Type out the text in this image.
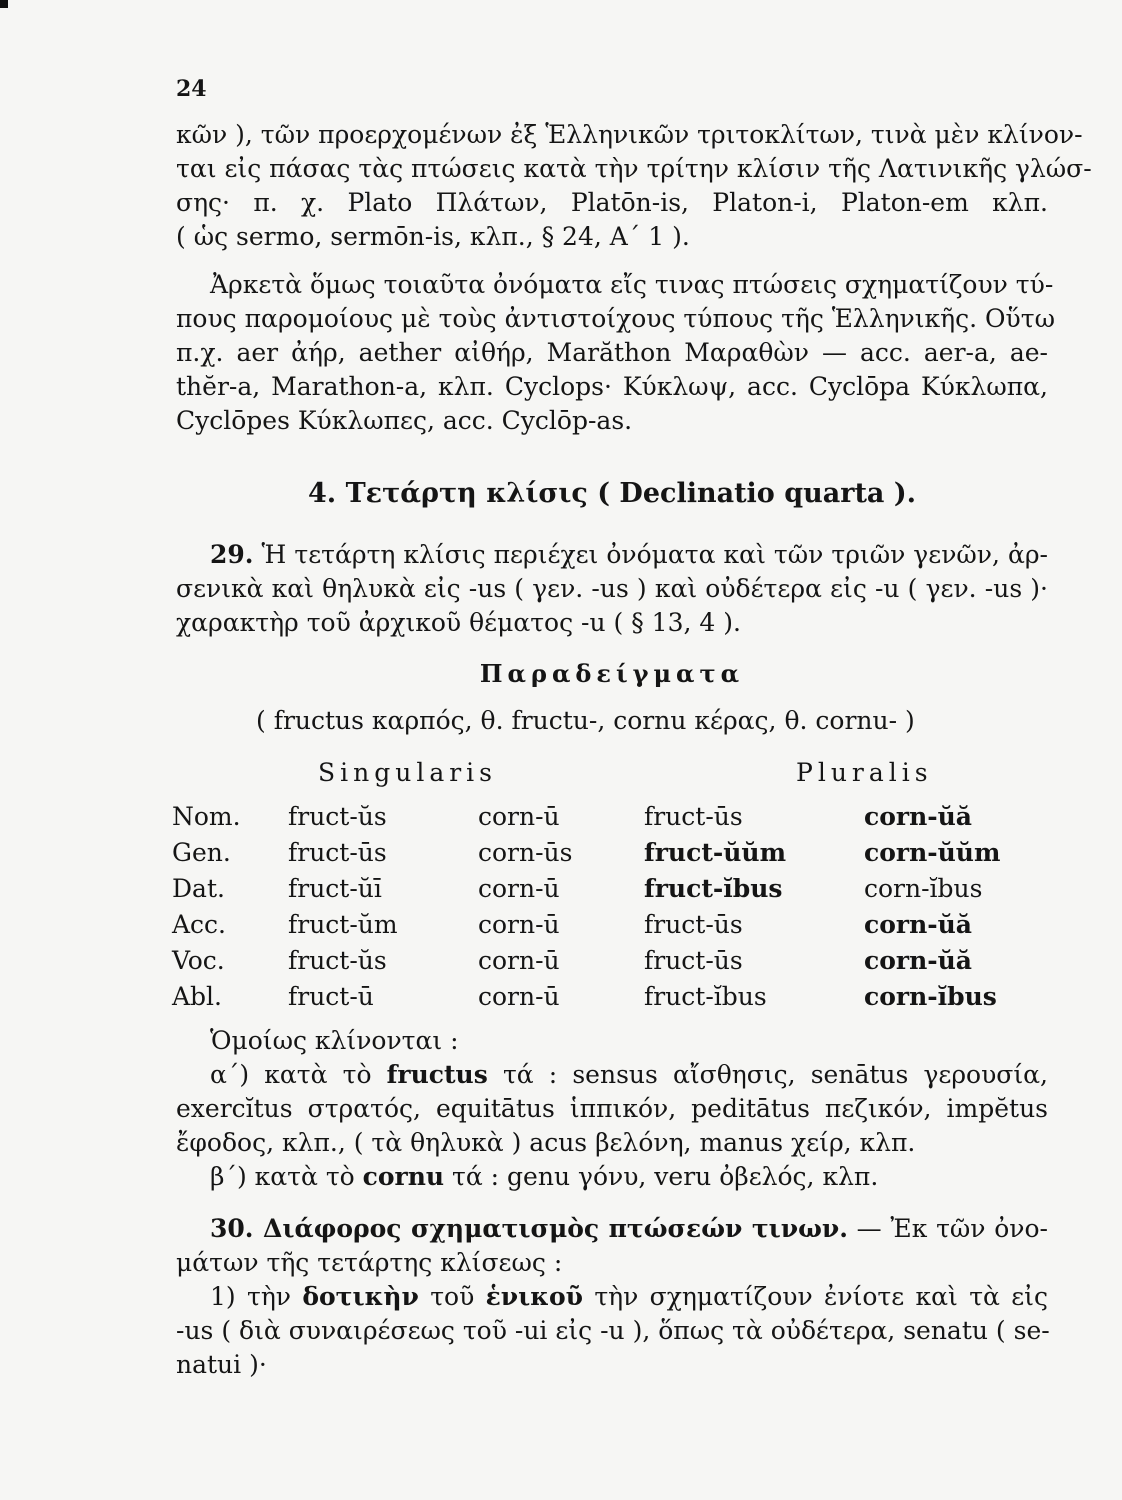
24
κῶν ), τῶν προερχομένων ἐξ Ἑλληνικῶν τριτοκλίτων, τινὰ μὲν κλίνον-
ται εἰς πάσας τὰς πτώσεις κατὰ τὴν τρίτην κλίσιν τῆς Λατινικῆς γλώσ-
σης· π. χ. Plato Πλάτων, Platōn-is, Platon-i, Platon-em κλπ.
( ὡς sermo, sermōn-is, κλπ., § 24, Α΄ 1 ).
Ἀρκετὰ ὅμως τοιαῦτα ὀνόματα εἴς τινας πτώσεις σχηματίζουν τύ-
πους παρομοίους μὲ τοὺς ἀντιστοίχους τύπους τῆς Ἑλληνικῆς. Οὕτω
π.χ. aer ἀήρ, aether αἰθήρ, Marăthon Μαραθὼν — acc. aer-a, ae-
thĕr-a, Marathon-a, κλπ. Cyclops· Κύκλωψ, acc. Cyclōpa Κύκλωπα,
Cyclōpes Κύκλωπες, acc. Cyclōp-as.
4. Τετάρτη κλίσις ( Declinatio quarta ).
29. Ἡ τετάρτη κλίσις περιέχει ὀνόματα καὶ τῶν τριῶν γενῶν, ἀρ-
σενικὰ καὶ θηλυκὰ εἰς -us ( γεν. -us ) καὶ οὐδέτερα εἰς -u ( γεν. -us )·
χαρακτὴρ τοῦ ἀρχικοῦ θέματος -u ( § 13, 4 ).
Παραδείγματα
( fructus καρπός, θ. fructu-, cornu κέρας, θ. cornu- )
Singularis	Pluralis
Nom.	fruct-ŭs	corn-ū	fruct-ūs	corn-ŭă
Gen.	fruct-ūs	corn-ūs	fruct-ŭŭm	corn-ŭŭm
Dat.	fruct-ŭī	corn-ū	fruct-ĭbus	corn-ĭbus
Acc.	fruct-ŭm	corn-ū	fruct-ūs	corn-ŭă
Voc.	fruct-ŭs	corn-ū	fruct-ūs	corn-ŭă
Abl.	fruct-ū	corn-ū	fruct-ĭbus	corn-ĭbus
Ὁμοίως κλίνονται :
α΄) κατὰ τὸ fructus τά : sensus αἴσθησις, senātus γερουσία,
exercĭtus στρατός, equitātus ἱππικόν, peditātus πεζικόν, impĕtus
ἔφοδος, κλπ., ( τὰ θηλυκὰ ) acus βελόνη, manus χείρ, κλπ.
β΄) κατὰ τὸ cornu τά : genu γόνυ, veru ὀβελός, κλπ.
30. Διάφορος σχηματισμὸς πτώσεών τινων. — Ἐκ τῶν ὀνο-
μάτων τῆς τετάρτης κλίσεως :
1) τὴν δοτικὴν τοῦ ἑνικοῦ τὴν σχηματίζουν ἐνίοτε καὶ τὰ εἰς
-us ( διὰ συναιρέσεως τοῦ -ui εἰς -u ), ὅπως τὰ οὐδέτερα, senatu ( se-
natui )·
